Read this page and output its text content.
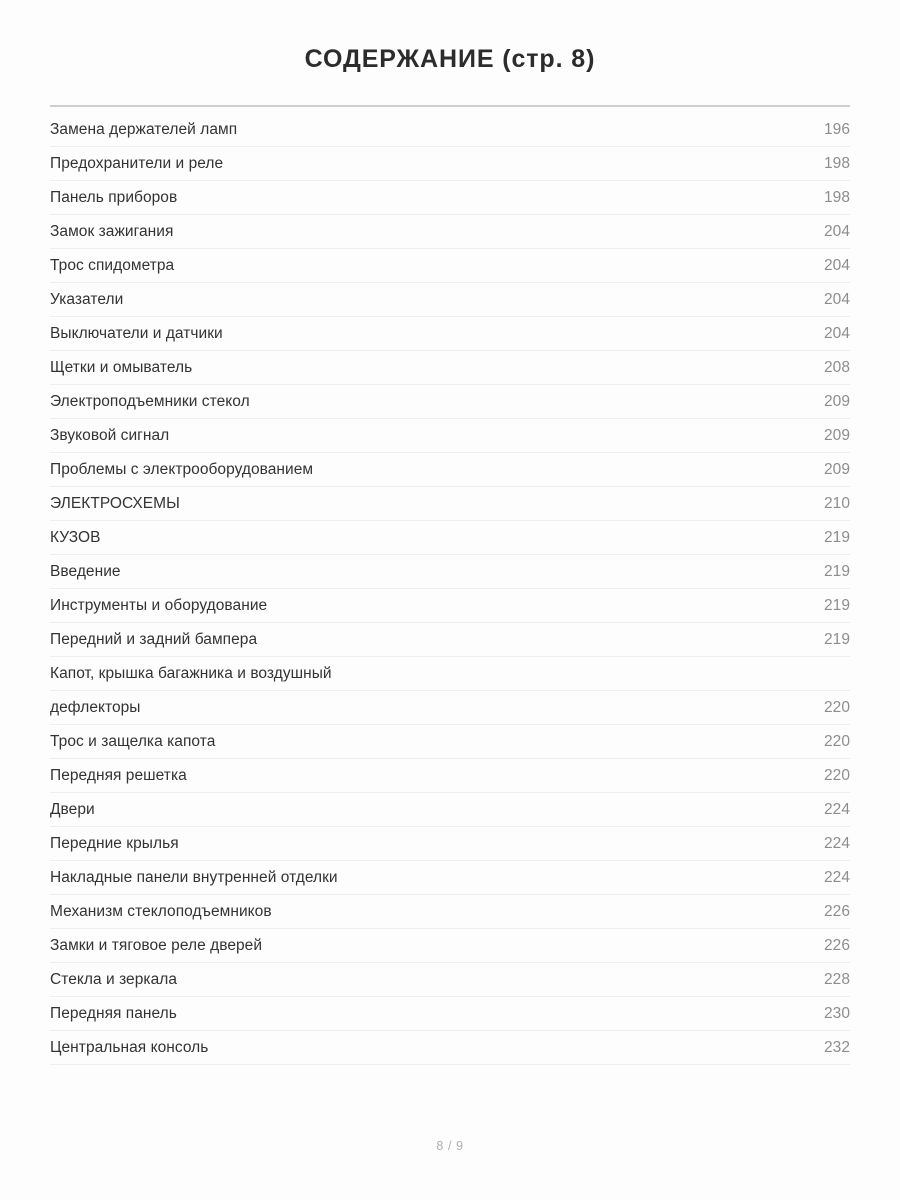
СОДЕРЖАНИЕ (стр. 8)
Замена держателей ламп	196
Предохранители и реле	198
Панель приборов	198
Замок зажигания	204
Трос спидометра	204
Указатели	204
Выключатели и датчики	204
Щетки и омыватель	208
Электроподъемники стекол	209
Звуковой сигнал	209
Проблемы с электрооборудованием	209
ЭЛЕКТРОСХЕМЫ	210
КУЗОВ	219
Введение	219
Инструменты и оборудование	219
Передний и задний бампера	219
Капот, крышка багажника и воздушный
дефлекторы	220
Трос и защелка капота	220
Передняя решетка	220
Двери	224
Передние крылья	224
Накладные панели внутренней отделки	224
Механизм стеклоподъемников	226
Замки и тяговое реле дверей	226
Стекла и зеркала	228
Передняя панель	230
Центральная консоль	232
8 / 9
